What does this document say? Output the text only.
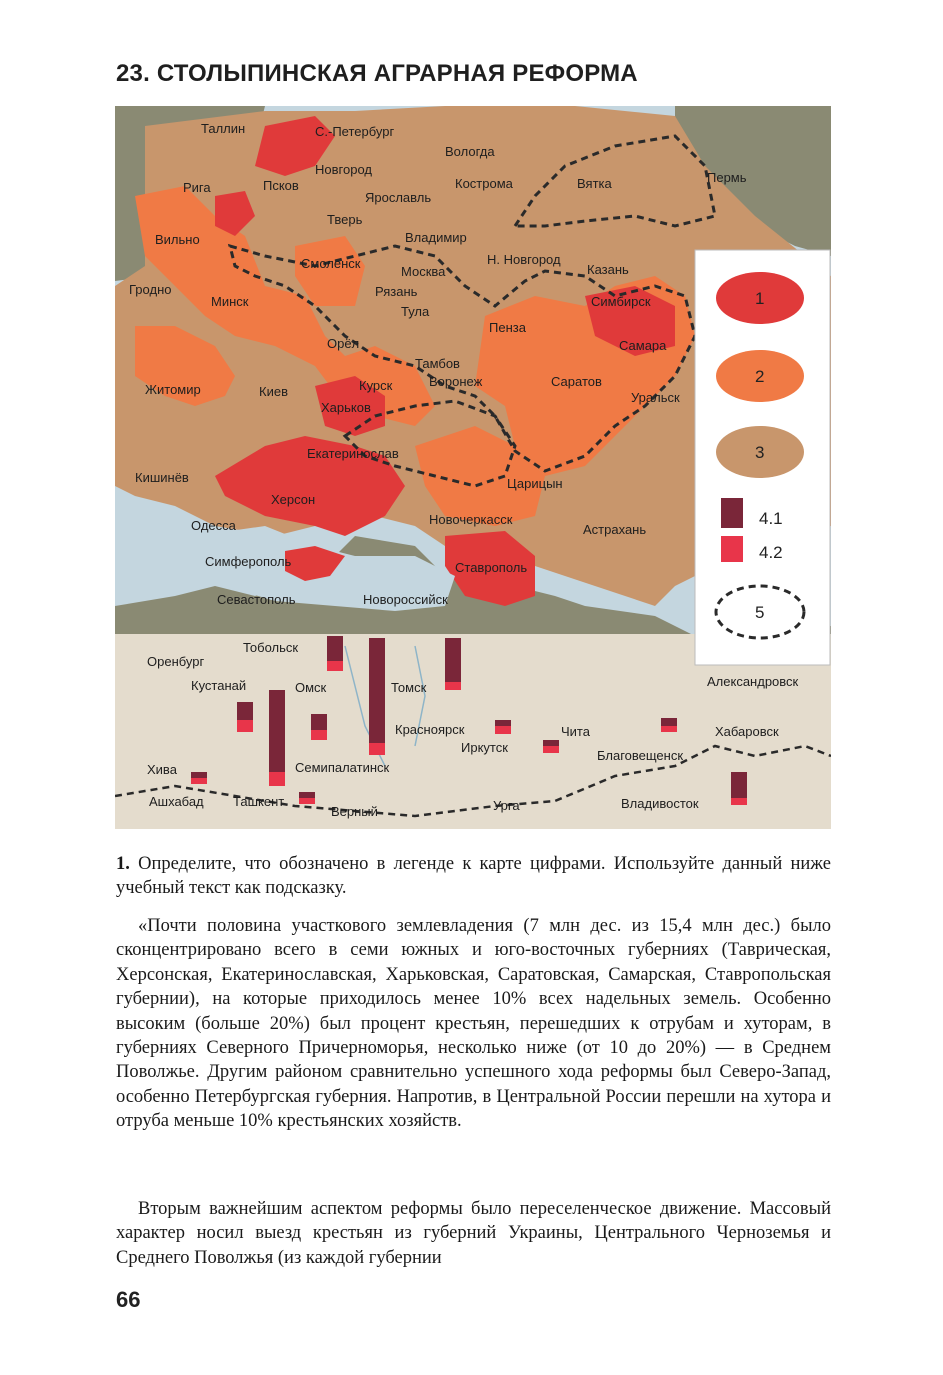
23. СТОЛЫПИНСКАЯ АГРАРНАЯ РЕФОРМА
1
2
3
4.1
4.2
5
Таллин	С.-Петербург
Новгород
Вологда
Рига	Псков
Ярославль
Кострома	Вятка	Пермь
Вильно
Тверь
Владимир
Смоленск
Москва
Н. Новгород
Казань
Гродно
Минск
Рязань
Тула
Симбирск
Пенза
Самара
Орёл
Тамбов
Курск	Воронеж	Саратов
Житомир	Киев	Уральск
Харьков
Екатеринослав
Кишинёв
Херсон
Царицын
Одесса	Новочеркасск
Астрахань
Симферополь	Ставрополь
Севастополь	Новороссийск
Тобольск
Оренбург
Кустанай	Омск	Томск	Александровск
Красноярск	Чита	Хабаровск
Иркутск
Благовещенск
Хива	Семипалатинск
Ашхабад Ташкент
Верный	Урга	Владивосток
1. Определите, что обозначено в легенде к карте цифрами. Используйте данный ниже учебный текст как подсказку.
«Почти половина участкового землевладения (7 млн дес. из 15,4 млн дес.) было сконцентрировано всего в семи южных и юго-восточных губерниях (Таврическая, Херсонская, Екатеринославская, Харьковская, Саратовская, Самарская, Ставропольская губернии), на которые приходилось менее 10% всех надельных земель. Особенно высоким (больше 20%) был процент крестьян, перешедших к отрубам и хуторам, в губерниях Северного Причерноморья, несколько ниже (от 10 до 20%) — в Среднем Поволжье. Другим районом сравнительно успешного хода реформы был Северо-Запад, особенно Петербургская губерния. Напротив, в Центральной России перешли на хутора и отруба меньше 10% крестьянских хозяйств.
Вторым важнейшим аспектом реформы было переселенческое движение. Массовый характер носил выезд крестьян из губерний Украины, Центрального Черноземья и Среднего Поволжья (из каждой губернии
66
